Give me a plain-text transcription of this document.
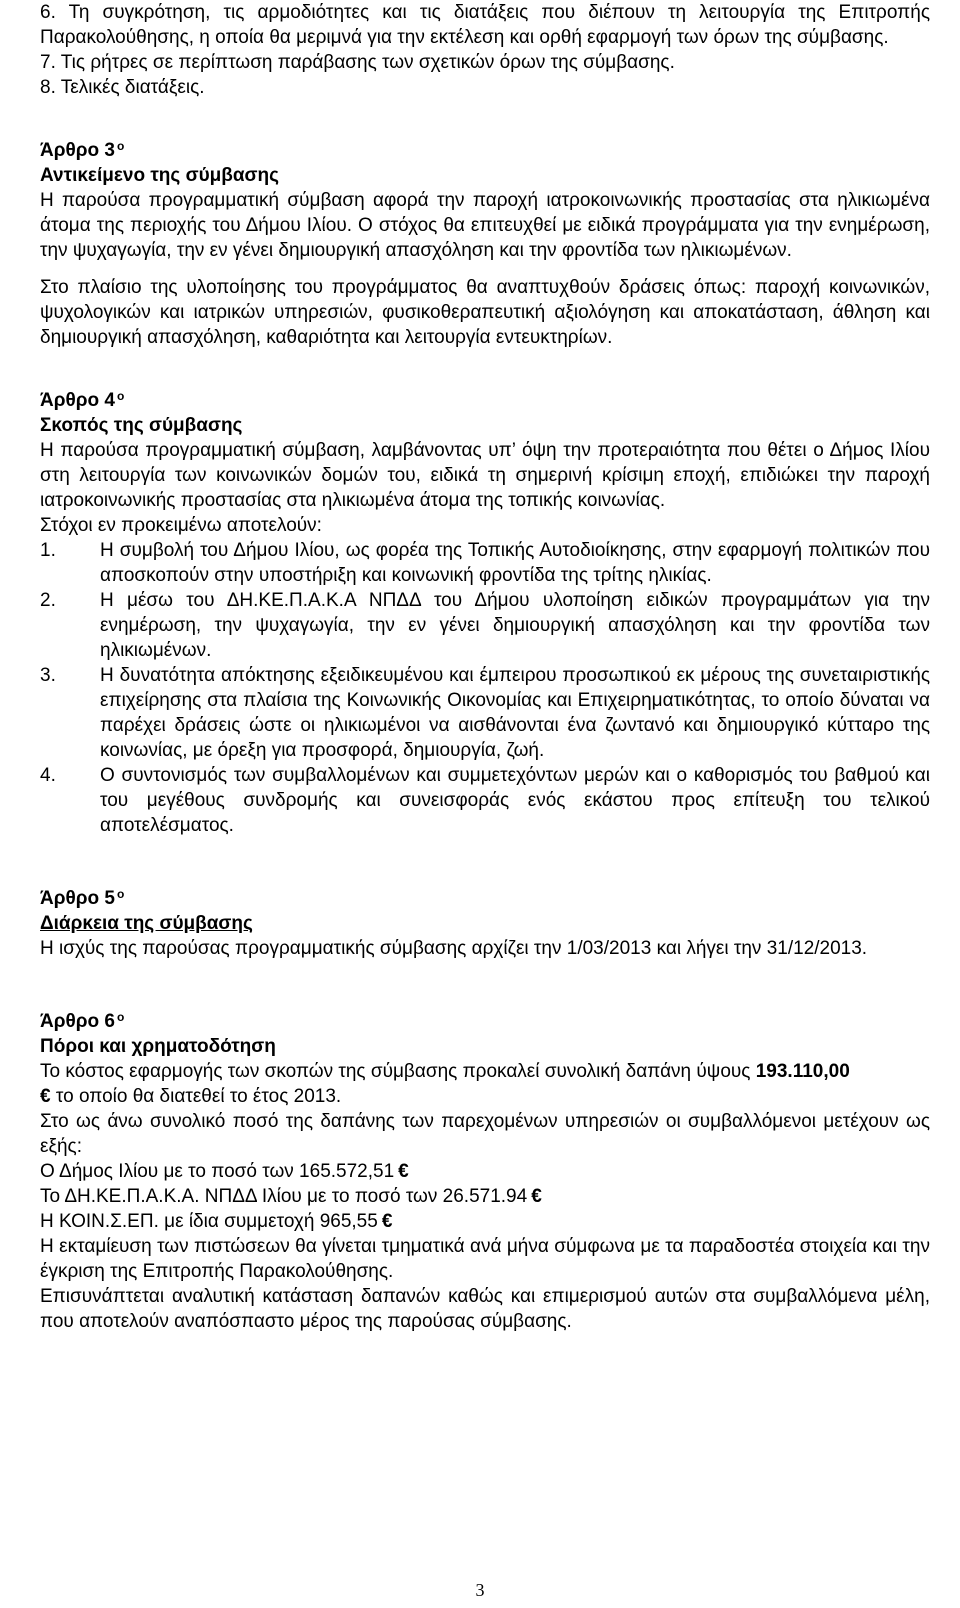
6. Τη συγκρότηση, τις αρμοδιότητες και τις διατάξεις που διέπουν τη λειτουργία της Επιτροπής Παρακολούθησης, η οποία θα μεριμνά για την εκτέλεση και ορθή εφαρμογή των όρων της σύμβασης.

7. Τις ρήτρες σε περίπτωση παράβασης των σχετικών όρων της σύμβασης.

8. Τελικές διατάξεις.

Άρθρο 3 $^o$

Αντικείμενο της σύμβασης

Η παρούσα προγραμματική σύμβαση αφορά την παροχή ιατροκοινωνικής προστασίας στα ηλικιωμένα άτομα της περιοχής του Δήμου Ιλίου. Ο στόχος θα επιτευχθεί με ειδικά προγράμματα για την ενημέρωση, την ψυχαγωγία, την εν γένει δημιουργική απασχόληση και την φροντίδα των ηλικιωμένων.

Στο πλαίσιο της υλοποίησης του προγράμματος θα αναπτυχθούν δράσεις όπως: παροχή κοινωνικών, ψυχολογικών και ιατρικών υπηρεσιών, φυσικοθεραπευτική αξιολόγηση και αποκατάσταση, άθληση και δημιουργική απασχόληση, καθαριότητα και λειτουργία εντευκτηρίων.

Άρθρο 4 $^o$

Σκοπός της σύμβασης

Η παρούσα προγραμματική σύμβαση, λαμβάνοντας υπ’ όψη την προτεραιότητα που θέτει ο Δήμος Ιλίου στη λειτουργία των κοινωνικών δομών του, ειδικά τη σημερινή κρίσιμη εποχή, επιδιώκει την παροχή ιατροκοινωνικής προστασίας στα ηλικιωμένα άτομα της τοπικής κοινωνίας.

Στόχοι εν προκειμένω αποτελούν:

1. Η συμβολή του Δήμου Ιλίου, ως φορέα της Τοπικής Αυτοδιοίκησης, στην εφαρμογή πολιτικών που αποσκοπούν στην υποστήριξη και κοινωνική φροντίδα της τρίτης ηλικίας.
2. Η μέσω του ΔΗ.ΚΕ.Π.Α.Κ.Α ΝΠΔΔ του Δήμου υλοποίηση ειδικών προγραμμάτων για την ενημέρωση, την ψυχαγωγία, την εν γένει δημιουργική απασχόληση και την φροντίδα των ηλικιωμένων.
3. Η δυνατότητα απόκτησης εξειδικευμένου και έμπειρου προσωπικού εκ μέρους της συνεταιριστικής επιχείρησης στα πλαίσια της Κοινωνικής Οικονομίας και Επιχειρηματικότητας, το οποίο δύναται να παρέχει δράσεις ώστε οι ηλικιωμένοι να αισθάνονται ένα ζωντανό και δημιουργικό κύτταρο της κοινωνίας, με όρεξη για προσφορά, δημιουργία, ζωή.
4. Ο συντονισμός των συμβαλλομένων και συμμετεχόντων μερών και ο καθορισμός του βαθμού και του μεγέθους συνδρομής και συνεισφοράς ενός εκάστου προς επίτευξη του τελικού αποτελέσματος.
Άρθρο 5 $^o$

Διάρκεια της σύμβασης

Η ισχύς της παρούσας προγραμματικής σύμβασης αρχίζει την 1/03/2013 και λήγει την 31/12/2013.

Άρθρο 6 $^o$

Πόροι και χρηματοδότηση

Το κόστος εφαρμογής των σκοπών της σύμβασης προκαλεί συνολική δαπάνη ύψους 193.110,00
€ το οποίο θα διατεθεί το έτος 2013.

Στο ως άνω συνολικό ποσό της δαπάνης των παρεχομένων υπηρεσιών οι συμβαλλόμενοι μετέχουν ως εξής:

Ο Δήμος Ιλίου με το ποσό των 165.572,51 €

Το ΔΗ.ΚΕ.Π.Α.Κ.Α. ΝΠΔΔ Ιλίου με το ποσό των 26.571.94 €

Η ΚΟΙΝ.Σ.ΕΠ. με ίδια συμμετοχή 965,55 €

Η εκταμίευση των πιστώσεων θα γίνεται τμηματικά ανά μήνα σύμφωνα με τα παραδοστέα στοιχεία και την έγκριση της Επιτροπής Παρακολούθησης.

Επισυνάπτεται αναλυτική κατάσταση δαπανών καθώς και επιμερισμού αυτών στα συμβαλλόμενα μέλη, που αποτελούν αναπόσπαστο μέρος της παρούσας σύμβασης.

3
